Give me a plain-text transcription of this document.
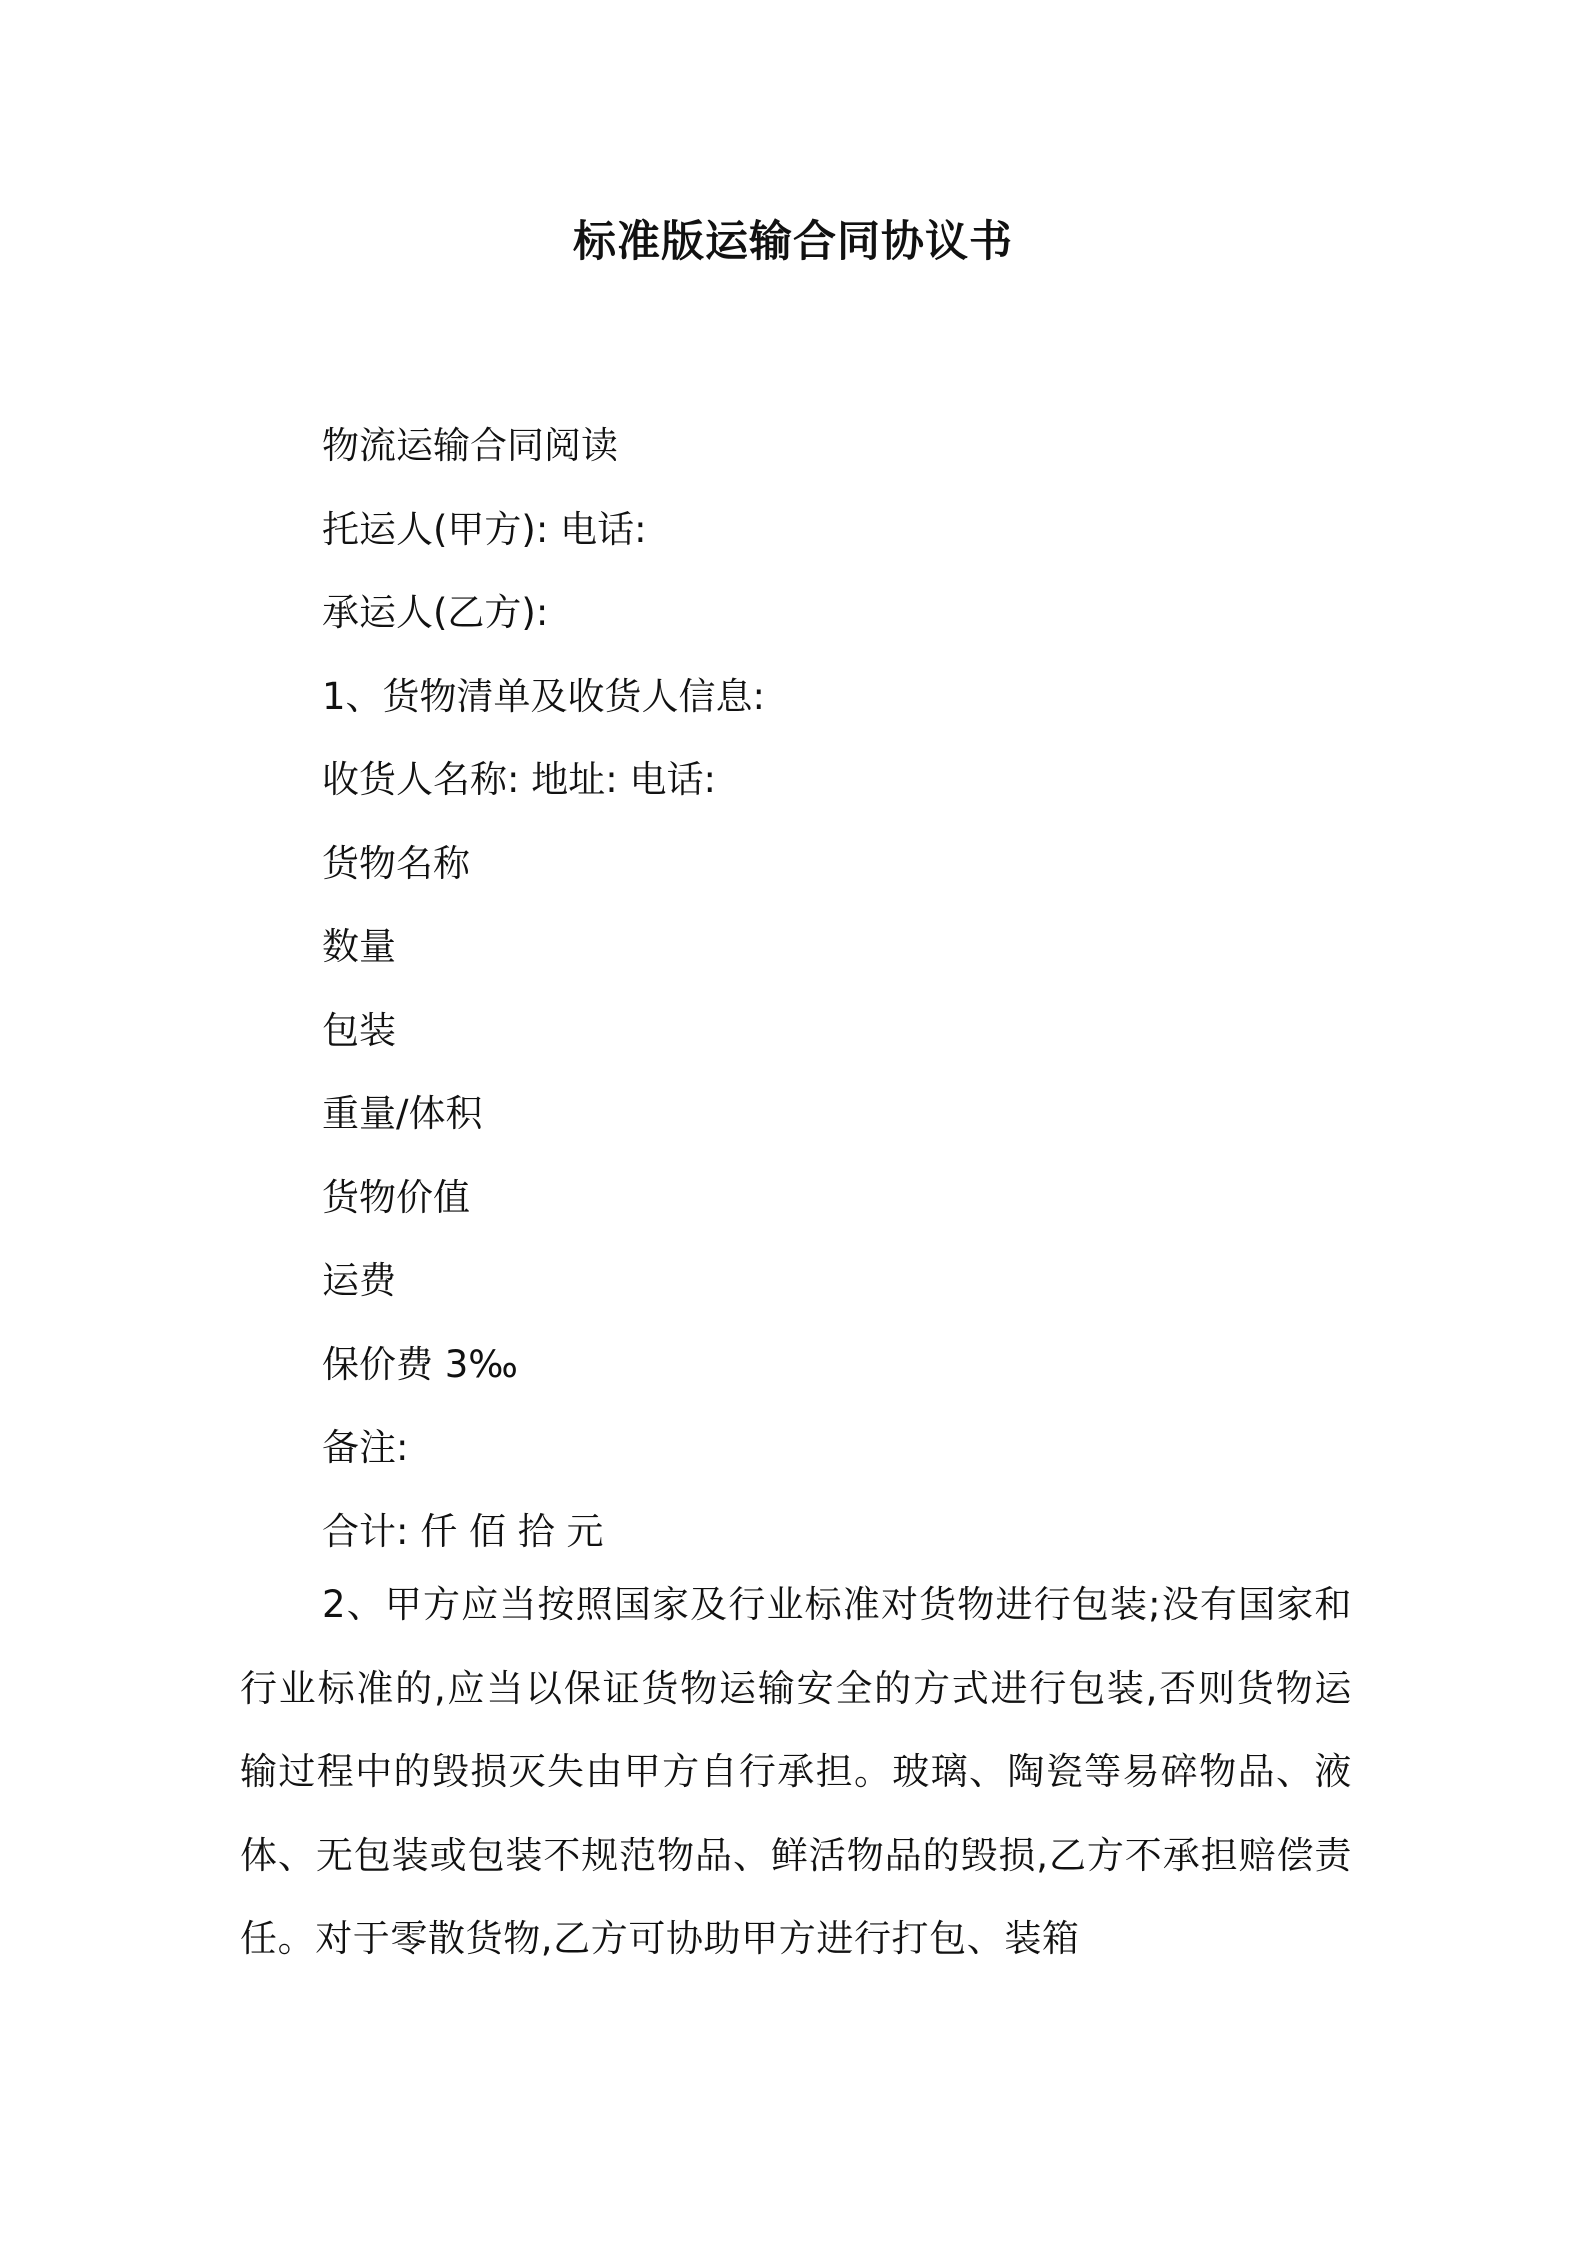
标准版运输合同协议书
物流运输合同阅读
托运人(甲方): 电话:
承运人(乙方):
1、货物清单及收货人信息:
收货人名称: 地址: 电话:
货物名称
数量
包装
重量/体积
货物价值
运费
保价费 3‰
备注:
合计: 仟 佰 拾 元
2、甲方应当按照国家及行业标准对货物进行包装;没有国家和行业标准的,应当以保证货物运输安全的方式进行包装,否则货物运输过程中的毁损灭失由甲方自行承担。玻璃、陶瓷等易碎物品、液体、无包装或包装不规范物品、鲜活物品的毁损,乙方不承担赔偿责任。对于零散货物,乙方可协助甲方进行打包、装箱
